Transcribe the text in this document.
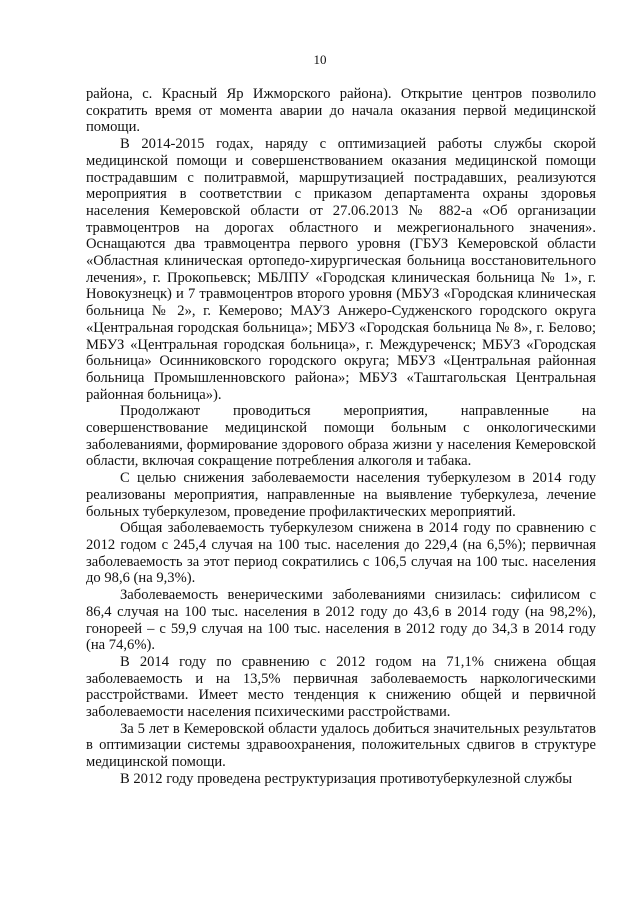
10

района, с. Красный Яр Ижморского района). Открытие центров позволило сократить время от момента аварии до начала оказания первой медицинской помощи.

В 2014-2015 годах, наряду с оптимизацией работы службы скорой медицинской помощи и совершенствованием оказания медицинской помощи пострадавшим с политравмой, маршрутизацией пострадавших, реализуются мероприятия в соответствии с приказом департамента охраны здоровья населения Кемеровской области от 27.06.2013 № 882-а «Об организации травмоцентров на дорогах областного и межрегионального значения». Оснащаются два травмоцентра первого уровня (ГБУЗ Кемеровской области «Областная клиническая ортопедо-хирургическая больница восстановительного лечения», г. Прокопьевск; МБЛПУ «Городская клиническая больница № 1», г. Новокузнецк) и 7 травмоцентров второго уровня (МБУЗ «Городская клиническая больница № 2», г. Кемерово; МАУЗ Анжеро-Судженского городского округа «Центральная городская больница»; МБУЗ «Городская больница № 8», г. Белово; МБУЗ «Центральная городская больница», г. Междуреченск; МБУЗ «Городская больница» Осинниковского городского округа; МБУЗ «Центральная районная больница Промышленновского района»; МБУЗ «Таштагольская Центральная районная больница»).

Продолжают проводиться мероприятия, направленные на совершенствование медицинской помощи больным с онкологическими заболеваниями, формирование здорового образа жизни у населения Кемеровской области, включая сокращение потребления алкоголя и табака.

С целью снижения заболеваемости населения туберкулезом в 2014 году реализованы мероприятия, направленные на выявление туберкулеза, лечение больных туберкулезом, проведение профилактических мероприятий.

Общая заболеваемость туберкулезом снижена в 2014 году по сравнению с 2012 годом с 245,4 случая на 100 тыс. населения до 229,4 (на 6,5%); первичная заболеваемость за этот период сократились с 106,5 случая на 100 тыс. населения до 98,6 (на 9,3%).

Заболеваемость венерическими заболеваниями снизилась: сифилисом с 86,4 случая на 100 тыс. населения в 2012 году до 43,6 в 2014 году (на 98,2%), гонореей – с 59,9 случая на 100 тыс. населения в 2012 году до 34,3 в 2014 году (на 74,6%).

В 2014 году по сравнению с 2012 годом на 71,1% снижена общая заболеваемость и на 13,5% первичная заболеваемость наркологическими расстройствами. Имеет место тенденция к снижению общей и первичной заболеваемости населения психическими расстройствами.

За 5 лет в Кемеровской области удалось добиться значительных результатов в оптимизации системы здравоохранения, положительных сдвигов в структуре медицинской помощи.

В 2012 году проведена реструктуризация противотуберкулезной службы
